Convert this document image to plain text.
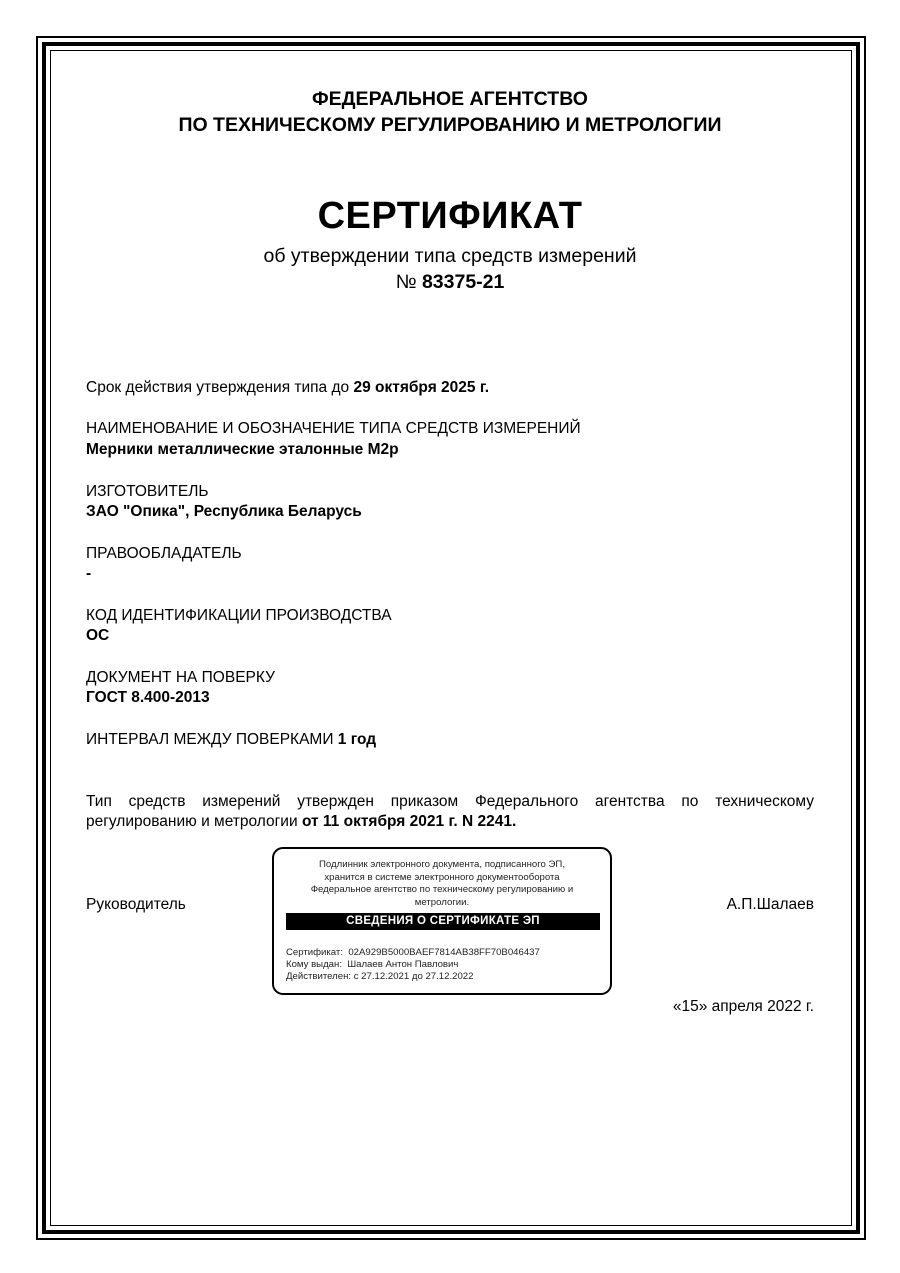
ФЕДЕРАЛЬНОЕ АГЕНТСТВО
ПО ТЕХНИЧЕСКОМУ РЕГУЛИРОВАНИЮ И МЕТРОЛОГИИ
СЕРТИФИКАТ
об утверждении типа средств измерений
№ 83375-21
Срок действия утверждения типа до 29 октября 2025 г.
НАИМЕНОВАНИЕ И ОБОЗНАЧЕНИЕ ТИПА СРЕДСТВ ИЗМЕРЕНИЙ
Мерники металлические эталонные М2р
ИЗГОТОВИТЕЛЬ
ЗАО "Опика", Республика Беларусь
ПРАВООБЛАДАТЕЛЬ
-
КОД ИДЕНТИФИКАЦИИ ПРОИЗВОДСТВА
ОС
ДОКУМЕНТ НА ПОВЕРКУ
ГОСТ 8.400-2013
ИНТЕРВАЛ МЕЖДУ ПОВЕРКАМИ 1 год
Тип средств измерений утвержден приказом Федерального агентства по техническому
регулированию и метрологии от 11 октября 2021 г. N 2241.
Руководитель
Подлинник электронного документа, подписанного ЭП,
хранится в системе электронного документооборота
Федеральное агентство по техническому регулированию и
метрологии.
СВЕДЕНИЯ О СЕРТИФИКАТЕ ЭП
Сертификат: 02A929B5000BAEF7814AB38FF70B046437
Кому выдан: Шалаев Антон Павлович
Действителен: с 27.12.2021 до 27.12.2022
А.П.Шалаев
«15» апреля 2022 г.
